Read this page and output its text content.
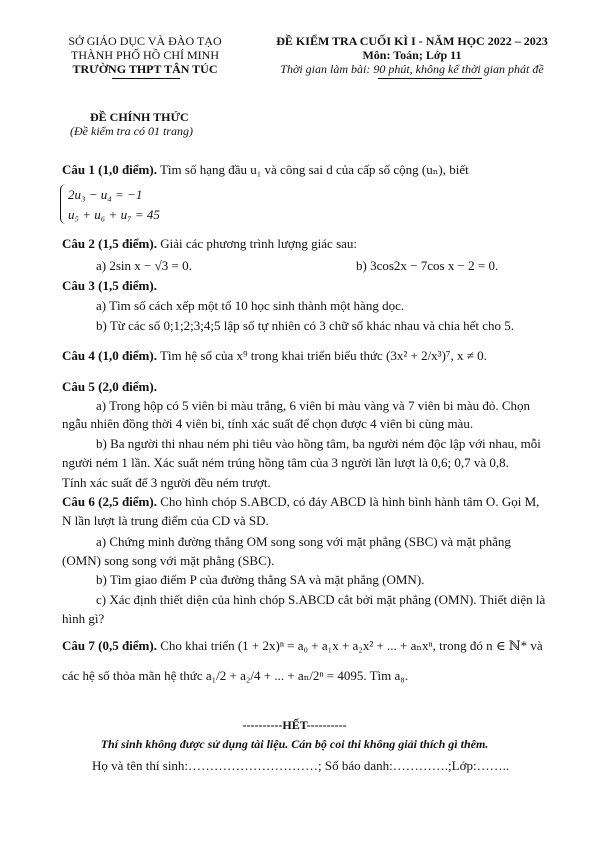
SỞ GIÁO DỤC VÀ ĐÀO TẠO
THÀNH PHỐ HỒ CHÍ MINH
TRƯỜNG THPT TÂN TÚC
ĐỀ KIỂM TRA CUỐI KÌ I - NĂM HỌC 2022 – 2023
Môn: Toán; Lớp 11
Thời gian làm bài: 90 phút, không kể thời gian phát đề
ĐỀ CHÍNH THỨC
(Đề kiểm tra có 01 trang)
Câu 1 (1,0 điểm). Tìm số hạng đầu u₁ và công sai d của cấp số cộng (uₙ), biết
2u₃ − u₄ = −1
u₅ + u₆ + u₇ = 45
Câu 2 (1,5 điểm). Giải các phương trình lượng giác sau:
a) 2sin x − √3 = 0.	b) 3cos2x − 7cos x − 2 = 0.
Câu 3 (1,5 điểm).
a) Tìm số cách xếp một tổ 10 học sinh thành một hàng dọc.
b) Từ các số 0;1;2;3;4;5 lập số tự nhiên có 3 chữ số khác nhau và chia hết cho 5.
Câu 4 (1,0 điểm). Tìm hệ số của x⁹ trong khai triển biểu thức (3x² + 2/x³)⁷, x ≠ 0.
Câu 5 (2,0 điểm).
a) Trong hộp có 5 viên bi màu trắng, 6 viên bi màu vàng và 7 viên bi màu đỏ. Chọn
ngẫu nhiên đồng thời 4 viên bi, tính xác suất để chọn được 4 viên bi cùng màu.
b) Ba người thi nhau ném phi tiêu vào hồng tâm, ba người ném độc lập với nhau, mỗi
người ném 1 lần. Xác suất ném trúng hồng tâm của 3 người lần lượt là 0,6; 0,7 và 0,8.
Tính xác suất để 3 người đều ném trượt.
Câu 6 (2,5 điểm). Cho hình chóp S.ABCD, có đáy ABCD là hình bình hành tâm O. Gọi M,
N lần lượt là trung điểm của CD và SD.
a) Chứng minh đường thẳng OM song song với mặt phẳng (SBC) và mặt phẳng
(OMN) song song với mặt phẳng (SBC).
b) Tìm giao điểm P của đường thẳng SA và mặt phẳng (OMN).
c) Xác định thiết diện của hình chóp S.ABCD cắt bởi mặt phẳng (OMN). Thiết diện là
hình gì?
Câu 7 (0,5 điểm). Cho khai triển (1 + 2x)ⁿ = a₀ + a₁x + a₂x² + ... + aₙxⁿ, trong đó n ∈ ℕ* và
các hệ số thỏa mãn hệ thức a₁/2 + a₂/4 + ... + aₙ/2ⁿ = 4095. Tìm a₈.
----------HẾT----------
Thí sinh không được sử dụng tài liệu. Cán bộ coi thi không giải thích gì thêm.
Họ và tên thí sinh:…………………………; Số báo danh:………….;Lớp:……..
